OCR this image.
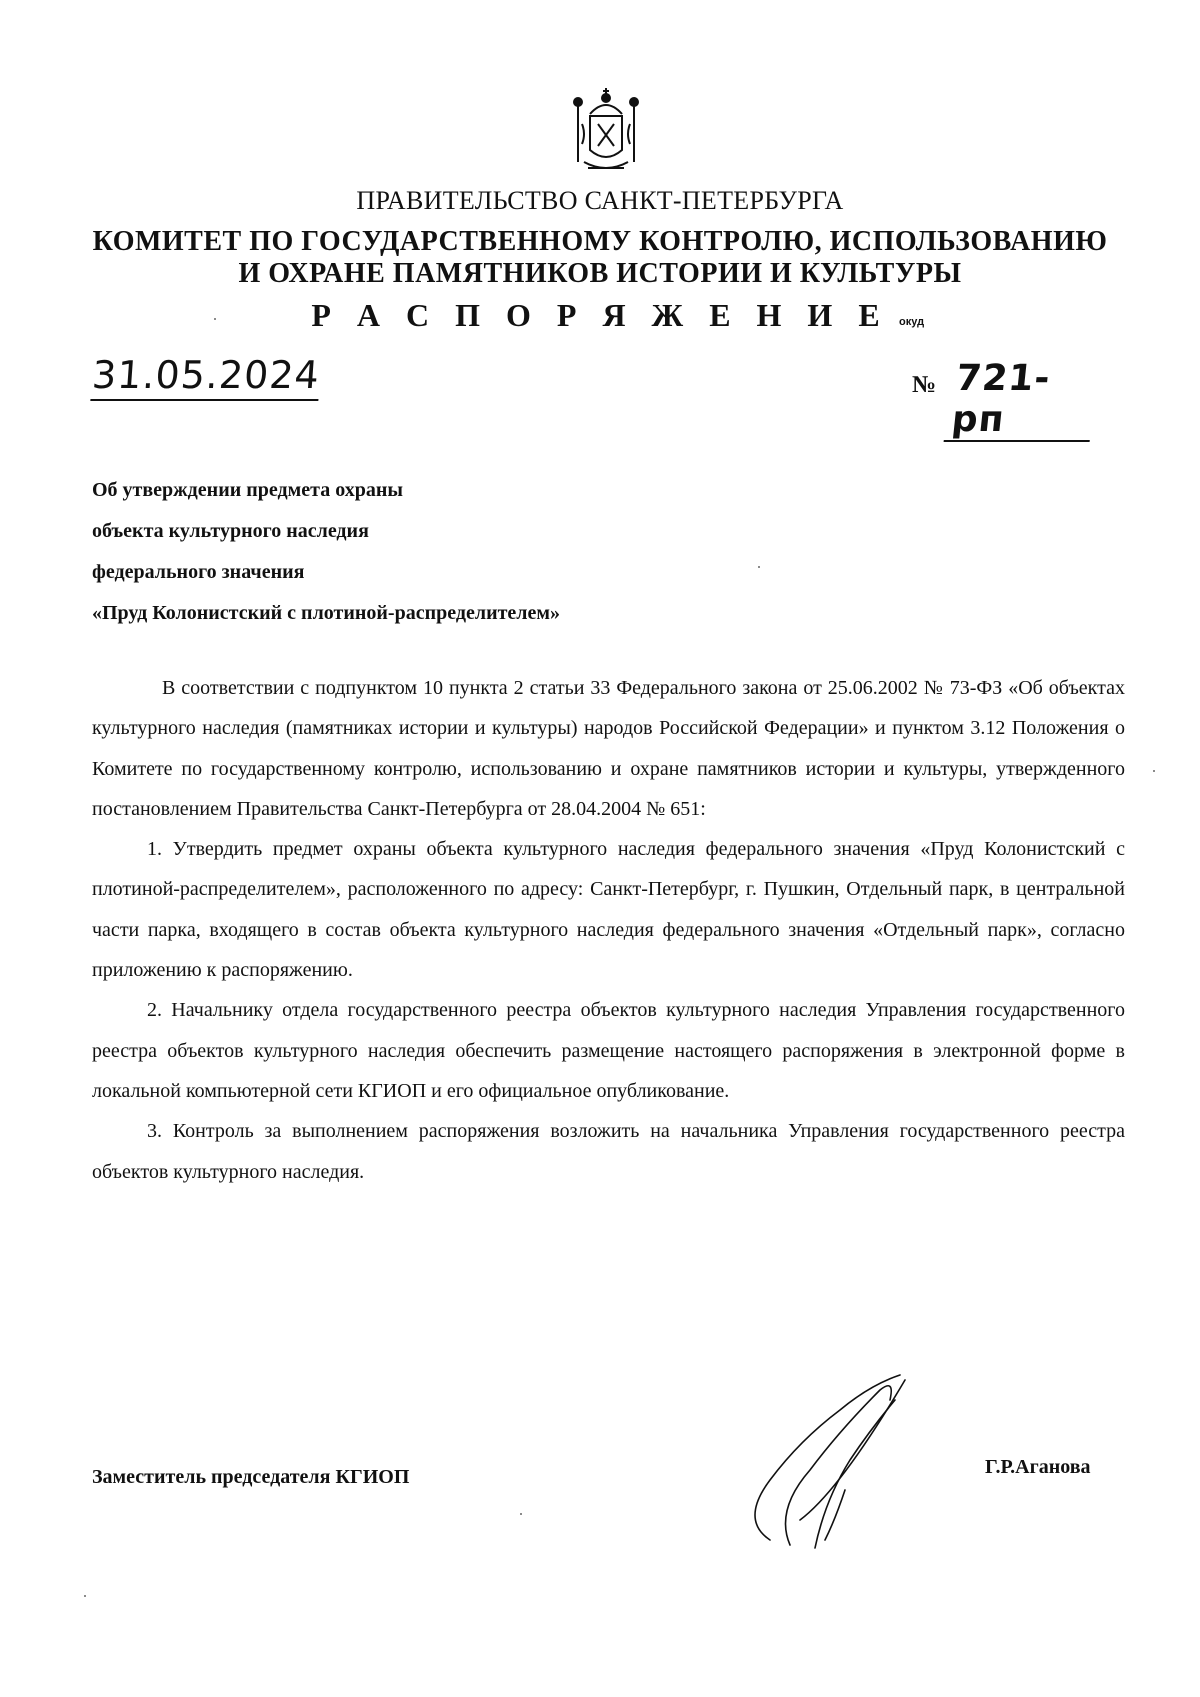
ПРАВИТЕЛЬСТВО САНКТ-ПЕТЕРБУРГА
КОМИТЕТ ПО ГОСУДАРСТВЕННОМУ КОНТРОЛЮ, ИСПОЛЬЗОВАНИЮ
И ОХРАНЕ ПАМЯТНИКОВ ИСТОРИИ И КУЛЬТУРЫ
Р А С П О Р Я Ж Е Н И Е окуд
31.05.2024	№ 721-рп
Об утверждении предмета охраны
объекта культурного наследия
федерального значения
«Пруд Колонистский с плотиной-распределителем»

В соответствии с подпунктом 10 пункта 2 статьи 33 Федерального закона от 25.06.2002 № 73-ФЗ «Об объектах культурного наследия (памятниках истории и культуры) народов Российской Федерации» и пунктом 3.12 Положения о Комитете по государственному контролю, использованию и охране памятников истории и культуры, утвержденного постановлением Правительства Санкт-Петербурга от 28.04.2004 № 651:

1. Утвердить предмет охраны объекта культурного наследия федерального значения «Пруд Колонистский с плотиной-распределителем», расположенного по адресу: Санкт-Петербург, г. Пушкин, Отдельный парк, в центральной части парка, входящего в состав объекта культурного наследия федерального значения «Отдельный парк», согласно приложению к распоряжению.

2. Начальнику отдела государственного реестра объектов культурного наследия Управления государственного реестра объектов культурного наследия обеспечить размещение настоящего распоряжения в электронной форме в локальной компьютерной сети КГИОП и его официальное опубликование.

3. Контроль за выполнением распоряжения возложить на начальника Управления государственного реестра объектов культурного наследия.

Заместитель председателя КГИОП	Г.Р.Аганова
